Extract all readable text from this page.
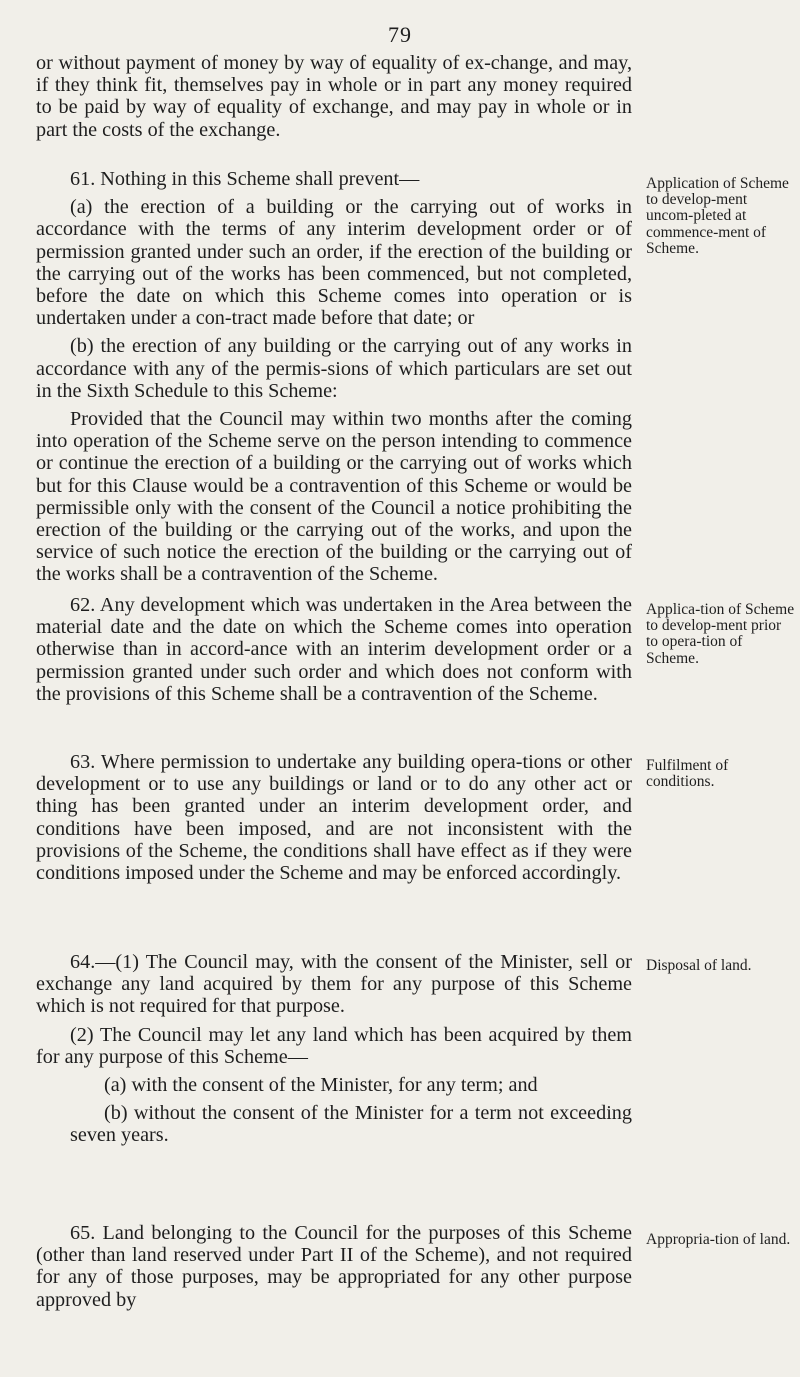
79

or without payment of money by way of equality of ex-change, and may, if they think fit, themselves pay in whole or in part any money required to be paid by way of equality of exchange, and may pay in whole or in part the costs of the exchange.

61. Nothing in this Scheme shall prevent—

(a) the erection of a building or the carrying out of works in accordance with the terms of any interim development order or of permission granted under such an order, if the erection of the building or the carrying out of the works has been commenced, but not completed, before the date on which this Scheme comes into operation or is undertaken under a con-tract made before that date; or

(b) the erection of any building or the carrying out of any works in accordance with any of the permis-sions of which particulars are set out in the Sixth Schedule to this Scheme:

Provided that the Council may within two months after the coming into operation of the Scheme serve on the person intending to commence or continue the erection of a building or the carrying out of works which but for this Clause would be a contravention of this Scheme or would be permissible only with the consent of the Council a notice prohibiting the erection of the building or the carrying out of the works, and upon the service of such notice the erection of the building or the carrying out of the works shall be a contravention of the Scheme.

Application of Scheme to develop-ment uncom-pleted at commence-ment of Scheme.

62. Any development which was undertaken in the Area between the material date and the date on which the Scheme comes into operation otherwise than in accord-ance with an interim development order or a permission granted under such order and which does not conform with the provisions of this Scheme shall be a contravention of the Scheme.

Applica-tion of Scheme to develop-ment prior to opera-tion of Scheme.

63. Where permission to undertake any building opera-tions or other development or to use any buildings or land or to do any other act or thing has been granted under an interim development order, and conditions have been imposed, and are not inconsistent with the provisions of the Scheme, the conditions shall have effect as if they were conditions imposed under the Scheme and may be enforced accordingly.

Fulfilment of conditions.

64.—(1) The Council may, with the consent of the Minister, sell or exchange any land acquired by them for any purpose of this Scheme which is not required for that purpose.

(2) The Council may let any land which has been acquired by them for any purpose of this Scheme—

(a) with the consent of the Minister, for any term; and

(b) without the consent of the Minister for a term not exceeding seven years.

Disposal of land.

65. Land belonging to the Council for the purposes of this Scheme (other than land reserved under Part II of the Scheme), and not required for any of those purposes, may be appropriated for any other purpose approved by

Appropria-tion of land.
